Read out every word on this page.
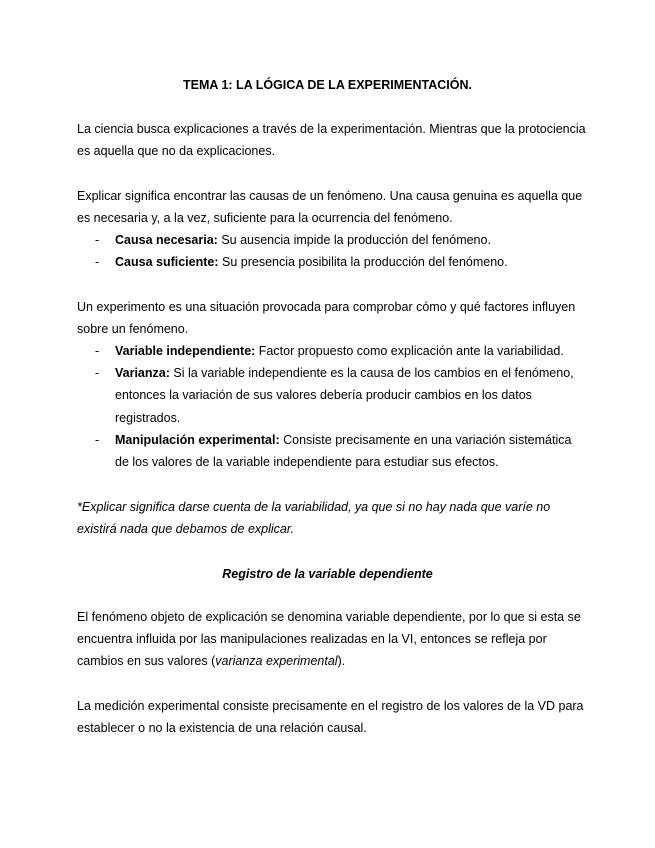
TEMA 1: LA LÓGICA DE LA EXPERIMENTACIÓN.

La ciencia busca explicaciones a través de la experimentación. Mientras que la protociencia es aquella que no da explicaciones.

Explicar significa encontrar las causas de un fenómeno. Una causa genuina es aquella que es necesaria y, a la vez, suficiente para la ocurrencia del fenómeno.

- Causa necesaria: Su ausencia impide la producción del fenómeno.
- Causa suficiente: Su presencia posibilita la producción del fenómeno.

Un experimento es una situación provocada para comprobar cómo y qué factores influyen sobre un fenómeno.

- Variable independiente: Factor propuesto como explicación ante la variabilidad.
- Varianza: Si la variable independiente es la causa de los cambios en el fenómeno, entonces la variación de sus valores debería producir cambios en los datos registrados.
- Manipulación experimental: Consiste precisamente en una variación sistemática de los valores de la variable independiente para estudiar sus efectos.

*Explicar significa darse cuenta de la variabilidad, ya que si no hay nada que varíe no existirá nada que debamos de explicar.

Registro de la variable dependiente

El fenómeno objeto de explicación se denomina variable dependiente, por lo que si esta se encuentra influida por las manipulaciones realizadas en la VI, entonces se refleja por cambios en sus valores (varianza experimental).

La medición experimental consiste precisamente en el registro de los valores de la VD para establecer o no la existencia de una relación causal.
